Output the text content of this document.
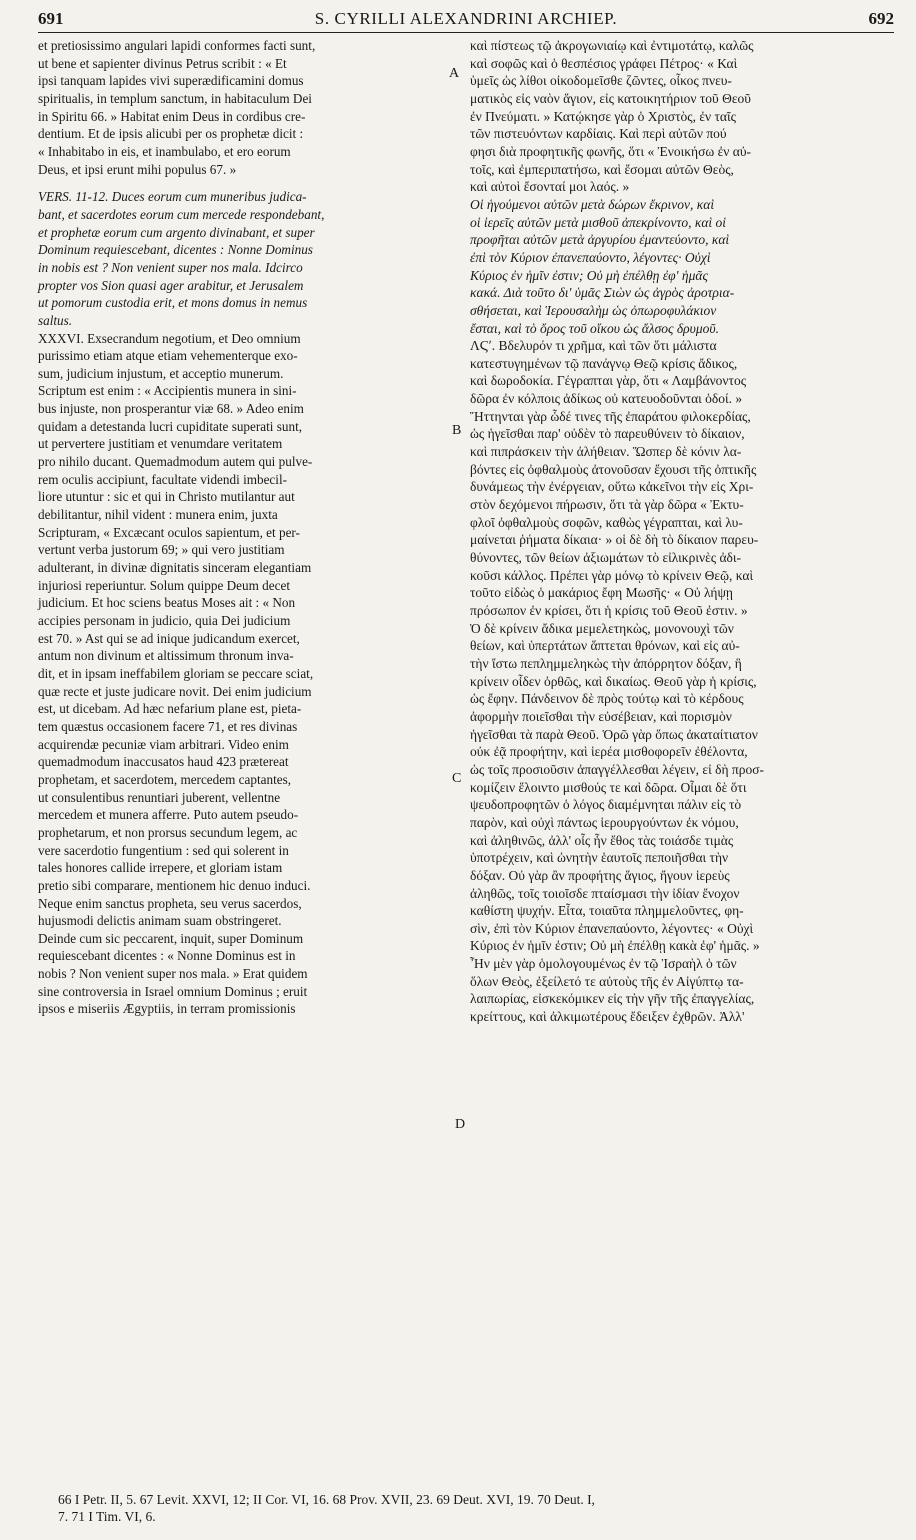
691	S. CYRILLI ALEXANDRINI ARCHIEP.	692

et pretiosissimo angulari lapidi conformes facti sunt,
ut bene et sapienter divinus Petrus scribit : « Et
ipsi tanquam lapides vivi superædificamini domus
spiritualis, in templum sanctum, in habitaculum Dei
in Spiritu 66. » Habitat enim Deus in cordibus cre-
dentium. Et de ipsis alicubi per os prophetæ dicit :
« Inhabitabo in eis, et inambulabo, et ero eorum
Deus, et ipsi erunt mihi populus 67. »

VERS. 11-12. Duces eorum cum muneribus judica-
bant, et sacerdotes eorum cum mercede respondebant,
et prophetæ eorum cum argento divinabant, et super
Dominum requiescebant, dicentes : Nonne Dominus
in nobis est ? Non venient super nos mala. Idcirco
propter vos Sion quasi ager arabitur, et Jerusalem
ut pomorum custodia erit, et mons domus in nemus
saltus.

XXXVI. Exsecrandum negotium, et Deo omnium
purissimo etiam atque etiam vehementerque exo-
sum, judicium injustum, et acceptio munerum.
Scriptum est enim : « Accipientis munera in sini-
bus injuste, non prosperantur viæ 68. » Adeo enim
quidam a detestanda lucri cupiditate superati sunt,
ut pervertere justitiam et venumdare veritatem
pro nihilo ducant. Quemadmodum autem qui pulve-
rem oculis accipiunt, facultate videndi imbecil-
liore utuntur : sic et qui in Christo mutilantur aut
debilitantur, nihil vident : munera enim, juxta
Scripturam, « Excæcant oculos sapientum, et per-
vertunt verba justorum 69; » qui vero justitiam
adulterant, in divinæ dignitatis sinceram elegantiam
injuriosi reperiuntur. Solum quippe Deum decet
judicium. Et hoc sciens beatus Moses ait : « Non
accipies personam in judicio, quia Dei judicium
est 70. » Ast qui se ad inique judicandum exercet,
antum non divinum et altissimum thronum inva-
dit, et in ipsam ineffabilem gloriam se peccare sciat,
quæ recte et juste judicare novit. Dei enim judicium
est, ut dicebam. Ad hæc nefarium plane est, pieta-
tem quæstus occasionem facere 71, et res divinas
acquirendæ pecuniæ viam arbitrari. Video enim
quemadmodum inaccusatos haud 423 prætereat
prophetam, et sacerdotem, mercedem captantes,
ut consulentibus renuntiari juberent, vellentne
mercedem et munera afferre. Puto autem pseudo-
prophetarum, et non prorsus secundum legem, ac
vere sacerdotio fungentium : sed qui solerent in
tales honores callide irrepere, et gloriam istam
pretio sibi comparare, mentionem hic denuo induci.
Neque enim sanctus propheta, seu verus sacerdos,
hujusmodi delictis animam suam obstringeret.
Deinde cum sic peccarent, inquit, super Dominum
requiescebant dicentes : « Nonne Dominus est in
nobis ? Non venient super nos mala. » Erat quidem
sine controversia in Israel omnium Dominus ; eruit
ipsos e miseriis Ægyptiis, in terram promissionis

A
B
C
D

καὶ πίστεως τῷ ἀκρογωνιαίῳ καὶ ἐντιμοτάτῳ, καλῶς
καὶ σοφῶς καὶ ὁ θεσπέσιος γράφει Πέτρος· « Καὶ
ὑμεῖς ὡς λίθοι οἰκοδομεῖσθε ζῶντες, οἶκος πνευ-
ματικὸς εἰς ναὸν ἅγιον, εἰς κατοικητήριον τοῦ Θεοῦ
ἐν Πνεύματι. » Κατῴκησε γὰρ ὁ Χριστὸς, ἐν ταῖς
τῶν πιστευόντων καρδίαις. Καὶ περὶ αὐτῶν πού
φησι διὰ προφητικῆς φωνῆς, ὅτι « Ἐνοικήσω ἐν αὐ-
τοῖς, καὶ ἐμπεριπατήσω, καὶ ἔσομαι αὐτῶν Θεὸς,
καὶ αὐτοὶ ἔσονταί μοι λαός. »

Οἱ ἡγούμενοι αὐτῶν μετὰ δώρων ἔκρινον, καὶ
οἱ ἱερεῖς αὐτῶν μετὰ μισθοῦ ἀπεκρίνοντο, καὶ οἱ
προφῆται αὐτῶν μετὰ ἀργυρίου ἐμαντεύοντο, καὶ
ἐπὶ τὸν Κύριον ἐπανεπαύοντο, λέγοντες· Οὐχὶ
Κύριος ἐν ἡμῖν ἐστιν; Οὐ μὴ ἐπέλθῃ ἐφ' ἡμᾶς
κακά. Διὰ τοῦτο δι' ὑμᾶς Σιὼν ὡς ἀγρὸς ἀροτρια-
σθήσεται, καὶ Ἱερουσαλὴμ ὡς ὀπωροφυλάκιον
ἔσται, καὶ τὸ ὄρος τοῦ οἴκου ὡς ἄλσος δρυμοῦ.

ΛϚʹ. Βδελυρόν τι χρῆμα, καὶ τῶν ὅτι μάλιστα
κατεστυγημένων τῷ πανάγνῳ Θεῷ κρίσις ἄδικος,
καὶ δωροδοκία. Γέγραπται γὰρ, ὅτι « Λαμβάνοντος
δῶρα ἐν κόλποις ἀδίκως οὐ κατευοδοῦνται ὁδοί. »
Ἥττηνται γὰρ ὧδέ τινες τῆς ἐπαράτου φιλοκερδίας,
ὡς ἡγεῖσθαι παρ' οὐδὲν τὸ παρευθύνειν τὸ δίκαιον,
καὶ πιπράσκειν τὴν ἀλήθειαν. Ὥσπερ δὲ κόνιν λα-
βόντες εἰς ὀφθαλμοὺς ἀτονοῦσαν ἔχουσι τῆς ὀπτικῆς
δυνάμεως τὴν ἐνέργειαν, οὕτω κἀκεῖνοι τὴν εἰς Χρι-
στὸν δεχόμενοι πήρωσιν, ὅτι τὰ γὰρ δῶρα « Ἐκτυ-
φλοῖ ὀφθαλμοὺς σοφῶν, καθὼς γέγραπται, καὶ λυ-
μαίνεται ῥήματα δίκαια· » οἱ δὲ δὴ τὸ δίκαιον παρευ-
θύνοντες, τῶν θείων ἀξιωμάτων τὸ εἰλικρινὲς ἀδι-
κοῦσι κάλλος. Πρέπει γὰρ μόνῳ τὸ κρίνειν Θεῷ, καὶ
τοῦτο εἰδὼς ὁ μακάριος ἔφη Μωσῆς· « Οὐ λήψῃ
πρόσωπον ἐν κρίσει, ὅτι ἡ κρίσις τοῦ Θεοῦ ἐστιν. »
Ὁ δὲ κρίνειν ἄδικα μεμελετηκὼς, μονονουχὶ τῶν
θείων, καὶ ὑπερτάτων ἅπτεται θρόνων, καὶ εἰς αὐ-
τὴν ἴστω πεπλημμεληκὼς τὴν ἀπόρρητον δόξαν, ἣ
κρίνειν οἶδεν ὀρθῶς, καὶ δικαίως. Θεοῦ γὰρ ἡ κρίσις,
ὡς ἔφην. Πάνδεινον δὲ πρὸς τούτῳ καὶ τὸ κέρδους
ἀφορμὴν ποιεῖσθαι τὴν εὐσέβειαν, καὶ πορισμὸν
ἡγεῖσθαι τὰ παρὰ Θεοῦ. Ὁρῶ γὰρ ὅπως ἀκαταίτιατον
οὐκ ἐᾷ προφήτην, καὶ ἱερέα μισθοφορεῖν ἐθέλοντα,
ὡς τοῖς προσιοῦσιν ἀπαγγέλλεσθαι λέγειν, εἰ δὴ προσ-
κομίζειν ἕλοιντο μισθούς τε καὶ δῶρα. Οἶμαι δὲ ὅτι
ψευδοπροφητῶν ὁ λόγος διαμέμνηται πάλιν εἰς τὸ
παρὸν, καὶ οὐχὶ πάντως ἱερουργούντων ἐκ νόμου,
καὶ ἀληθινῶς, ἀλλ' οἷς ἦν ἔθος τὰς τοιάσδε τιμὰς
ὑποτρέχειν, καὶ ὠνητὴν ἑαυτοῖς πεποιῆσθαι τὴν
δόξαν. Οὐ γὰρ ἂν προφήτης ἅγιος, ἤγουν ἱερεὺς
ἀληθῶς, τοῖς τοιοῖσδε πταίσμασι τὴν ἰδίαν ἔνοχον
καθίστη ψυχήν. Εἶτα, τοιαῦτα πλημμελοῦντες, φη-
σὶν, ἐπὶ τὸν Κύριον ἐπανεπαύοντο, λέγοντες· « Οὐχὶ
Κύριος ἐν ἡμῖν ἐστιν; Οὐ μὴ ἐπέλθῃ κακὰ ἐφ' ἡμᾶς. »
Ἦν μὲν γὰρ ὁμολογουμένως ἐν τῷ Ἰσραὴλ ὁ τῶν
ὅλων Θεὸς, ἐξείλετό τε αὐτοὺς τῆς ἐν Αἰγύπτῳ τα-
λαιπωρίας, εἰσκεκόμικεν εἰς τὴν γῆν τῆς ἐπαγγελίας,
κρείττους, καὶ ἀλκιμωτέρους ἔδειξεν ἐχθρῶν. Ἀλλ'

66 I Petr. II, 5. 67 Levit. XXVI, 12; II Cor. VI, 16. 68 Prov. XVII, 23. 69 Deut. XVI, 19. 70 Deut. I,
7. 71 I Tim. VI, 6.
